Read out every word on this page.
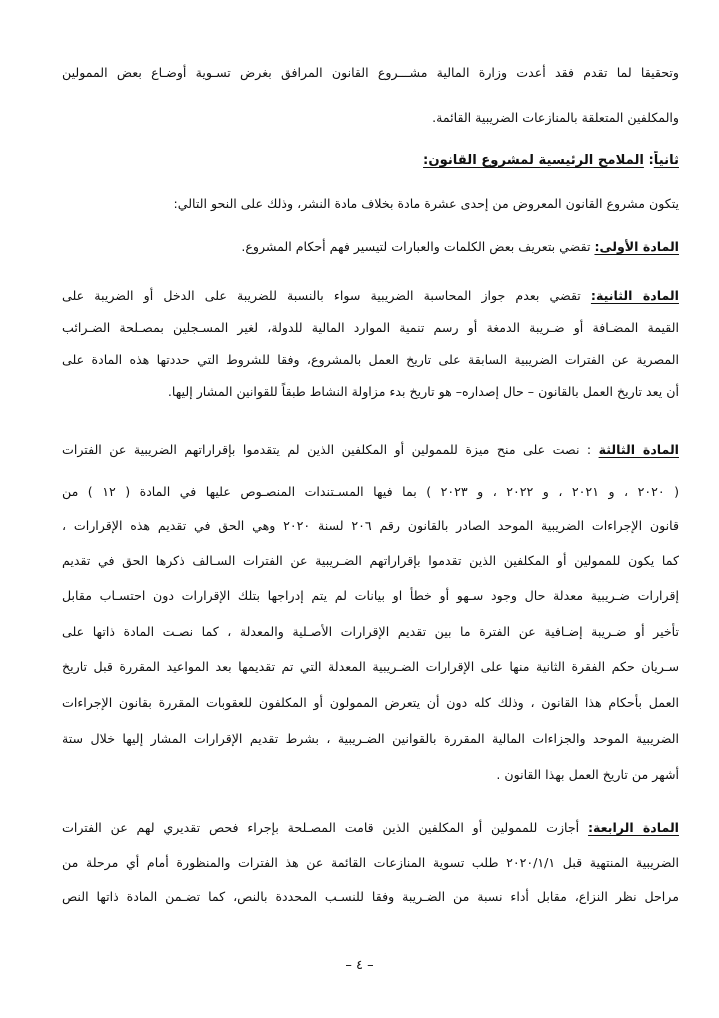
وتحقيقا لما تقدم فقد أعدت وزارة المالية مشـــروع القانون المرافق بغرض تسـوية أوضـاع بعض الممولين
والمكلفين المتعلقة بالمنازعات الضريبية القائمة.
ثانياً: الملامح الرئيسية لمشروع القانون:
يتكون مشروع القانون المعروض من إحدى عشرة مادة بخلاف مادة النشر، وذلك على النحو التالي:
المادة الأولى: تقضي بتعريف بعض الكلمات والعبارات لتيسير فهم أحكام المشروع.
المادة الثانية: تقضي بعدم جواز المحاسبة الضريبية سواء بالنسبة للضريبة على الدخل أو الضريبة على
القيمة المضـافة أو ضـريبة الدمغة أو رسم تنمية الموارد المالية للدولة، لغير المسـجلين بمصـلحة الضـرائب
المصرية عن الفترات الضريبية السابقة على تاريخ العمل بالمشروع، وفقا للشروط التي حددتها هذه المادة على
أن يعد تاريخ العمل بالقانون – حال إصداره– هو تاريخ بدء مزاولة النشاط طبقاً للقوانين المشار إليها.
المادة الثالثة : نصت على منح ميزة للممولين أو المكلفين الذين لم يتقدموا بإقراراتهم الضريبية عن الفترات
( ٢٠٢٠ ، و ٢٠٢١ ، و ٢٠٢٢ ، و ٢٠٢٣ ) بما فيها المسـتندات المنصـوص عليها في المادة ( ١٢ ) من
قانون الإجراءات الضريبية الموحد الصادر بالقانون رقم ٢٠٦ لسنة ٢٠٢٠ وهي الحق في تقديم هذه الإقرارات ،
كما يكون للممولين أو المكلفين الذين تقدموا بإقراراتهم الضـريبية عن الفترات السـالف ذكرها الحق في تقديم
إقرارات ضـريبية معدلة حال وجود سـهو أو خطأ او بيانات لم يتم إدراجها بتلك الإقرارات دون احتسـاب مقابل
تأخير أو ضـريبة إضـافية عن الفترة ما بين تقديم الإقرارات الأصـلية والمعدلة ، كما نصـت المادة ذاتها على
سـريان حكم الفقرة الثانية منها على الإقرارات الضـريبية المعدلة التي تم تقديمها بعد المواعيد المقررة قبل تاريخ
العمل بأحكام هذا القانون ، وذلك كله دون أن يتعرض الممولون أو المكلفون للعقوبات المقررة بقانون الإجراءات
الضريبية الموحد والجزاءات المالية المقررة بالقوانين الضـريبية ، بشرط تقديم الإقرارات المشار إليها خلال ستة
أشهر من تاريخ العمل بهذا القانون .
المادة الرابعة: أجازت للممولين أو المكلفين الذين قامت المصـلحة بإجراء فحص تقديري لهم عن الفترات
الضريبية المنتهية قبل ٢٠٢٠/١/١ طلب تسوية المنازعات القائمة عن هذ الفترات والمنظورة أمام أي مرحلة من
مراحل نظر النزاع، مقابل أداء نسبة من الضـريبة وفقا للنسـب المحددة بالنص، كما تضـمن المادة ذاتها النص
– ٤ –
